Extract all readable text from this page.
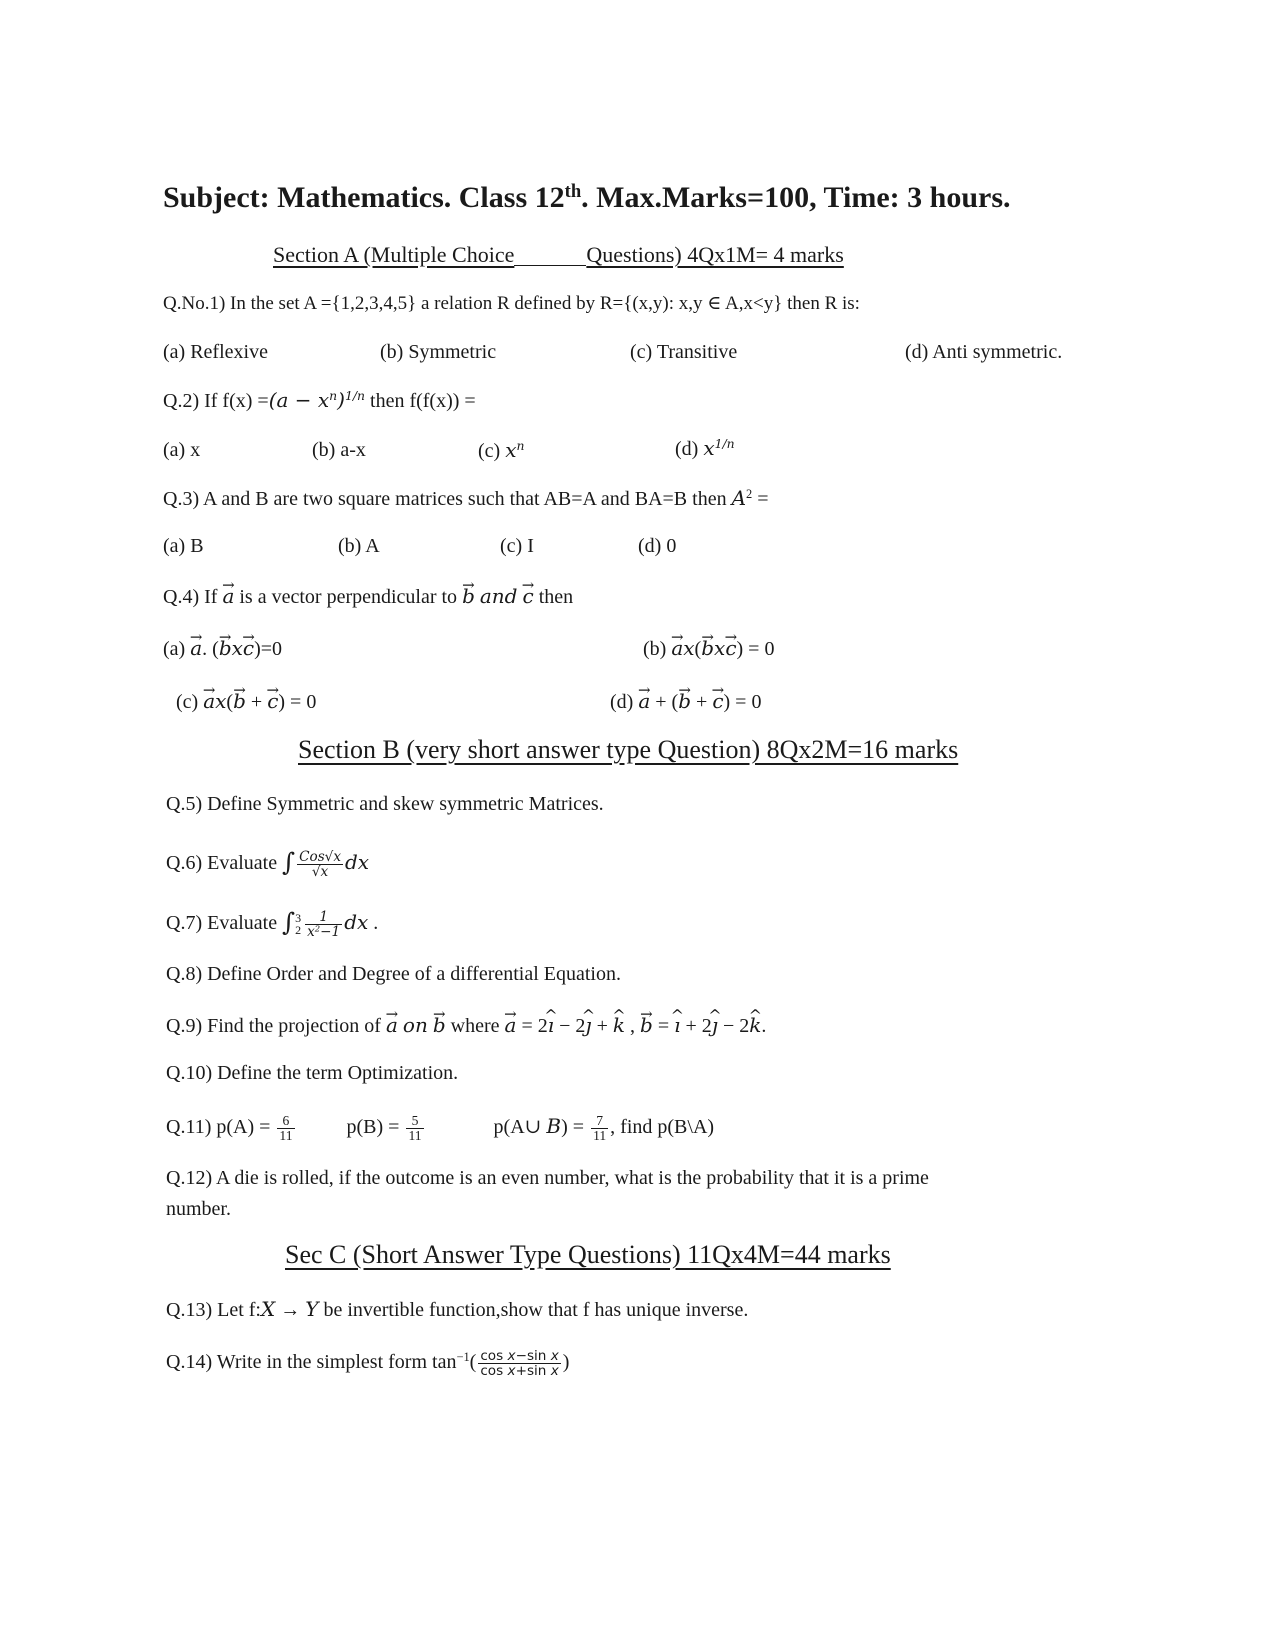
Subject: Mathematics. Class 12th. Max.Marks=100, Time: 3 hours.
Section A (Multiple Choice	Questions) 4Qx1M= 4 marks
Q.No.1) In the set A ={1,2,3,4,5} a relation R defined by R={(x,y): x,y ∈ A,x<y} then R is:
(a) Reflexive	(b) Symmetric	(c) Transitive	(d) Anti symmetric.
Q.2) If $f(x) =(a - x^n)^{1/n}$ then f(f(x)) =
(a) x	(b) a-x	(c) $x^n$	(d) $x^{1/n}$
Q.3) A and B are two square matrices such that AB=A and BA=B then $A^2$ =
(a) B	(b) A	(c) I	(d) 0
Q.4) If → a is a vector perpendicular to → b and → c then
(a) → a. (→ bx→ c)=0	(b) → ax(→ bx→ c) = 0
(c) → ax(→ b + → c) = 0	(d) → a + (→ b + → c) = 0
Section B (very short answer type Question) 8Qx2M=16 marks
Q.5) Define Symmetric and skew symmetric Matrices.
Q.6) Evaluate ∫ $\frac{\text{Cos√x}}{√x}$ dx
Q.7) Evaluate ∫ 3
$2 \frac{1}{x^2-1}$ dx .
Q.8) Define Order and Degree of a differential Equation.
Q.9) Find the projection of → a on → b where → a = 2^ ı − 2^ ȷ + ^ k , → b = ^ ı + 2^ ȷ − 2^ k.
Q.10) Define the term Optimization.
Q.11) $p(A) = \frac{6}{11}$	$p(B) = \frac{5}{11}$	p(A∪ $B) = \frac{7}{11}$ , find p(B\A)
Q.12) A die is rolled, if the outcome is an even number, what is the probability that it is a prime
number.
Sec C (Short Answer Type Questions) 11Qx4M=44 marks
Q.13) Let f:X → Y be invertible function,show that f has unique inverse.
Q.14) Write in the simplest form $\tan^{-1}( \frac{\text{cos x−sin x}}{\text{cos x+sin x}}$ )
